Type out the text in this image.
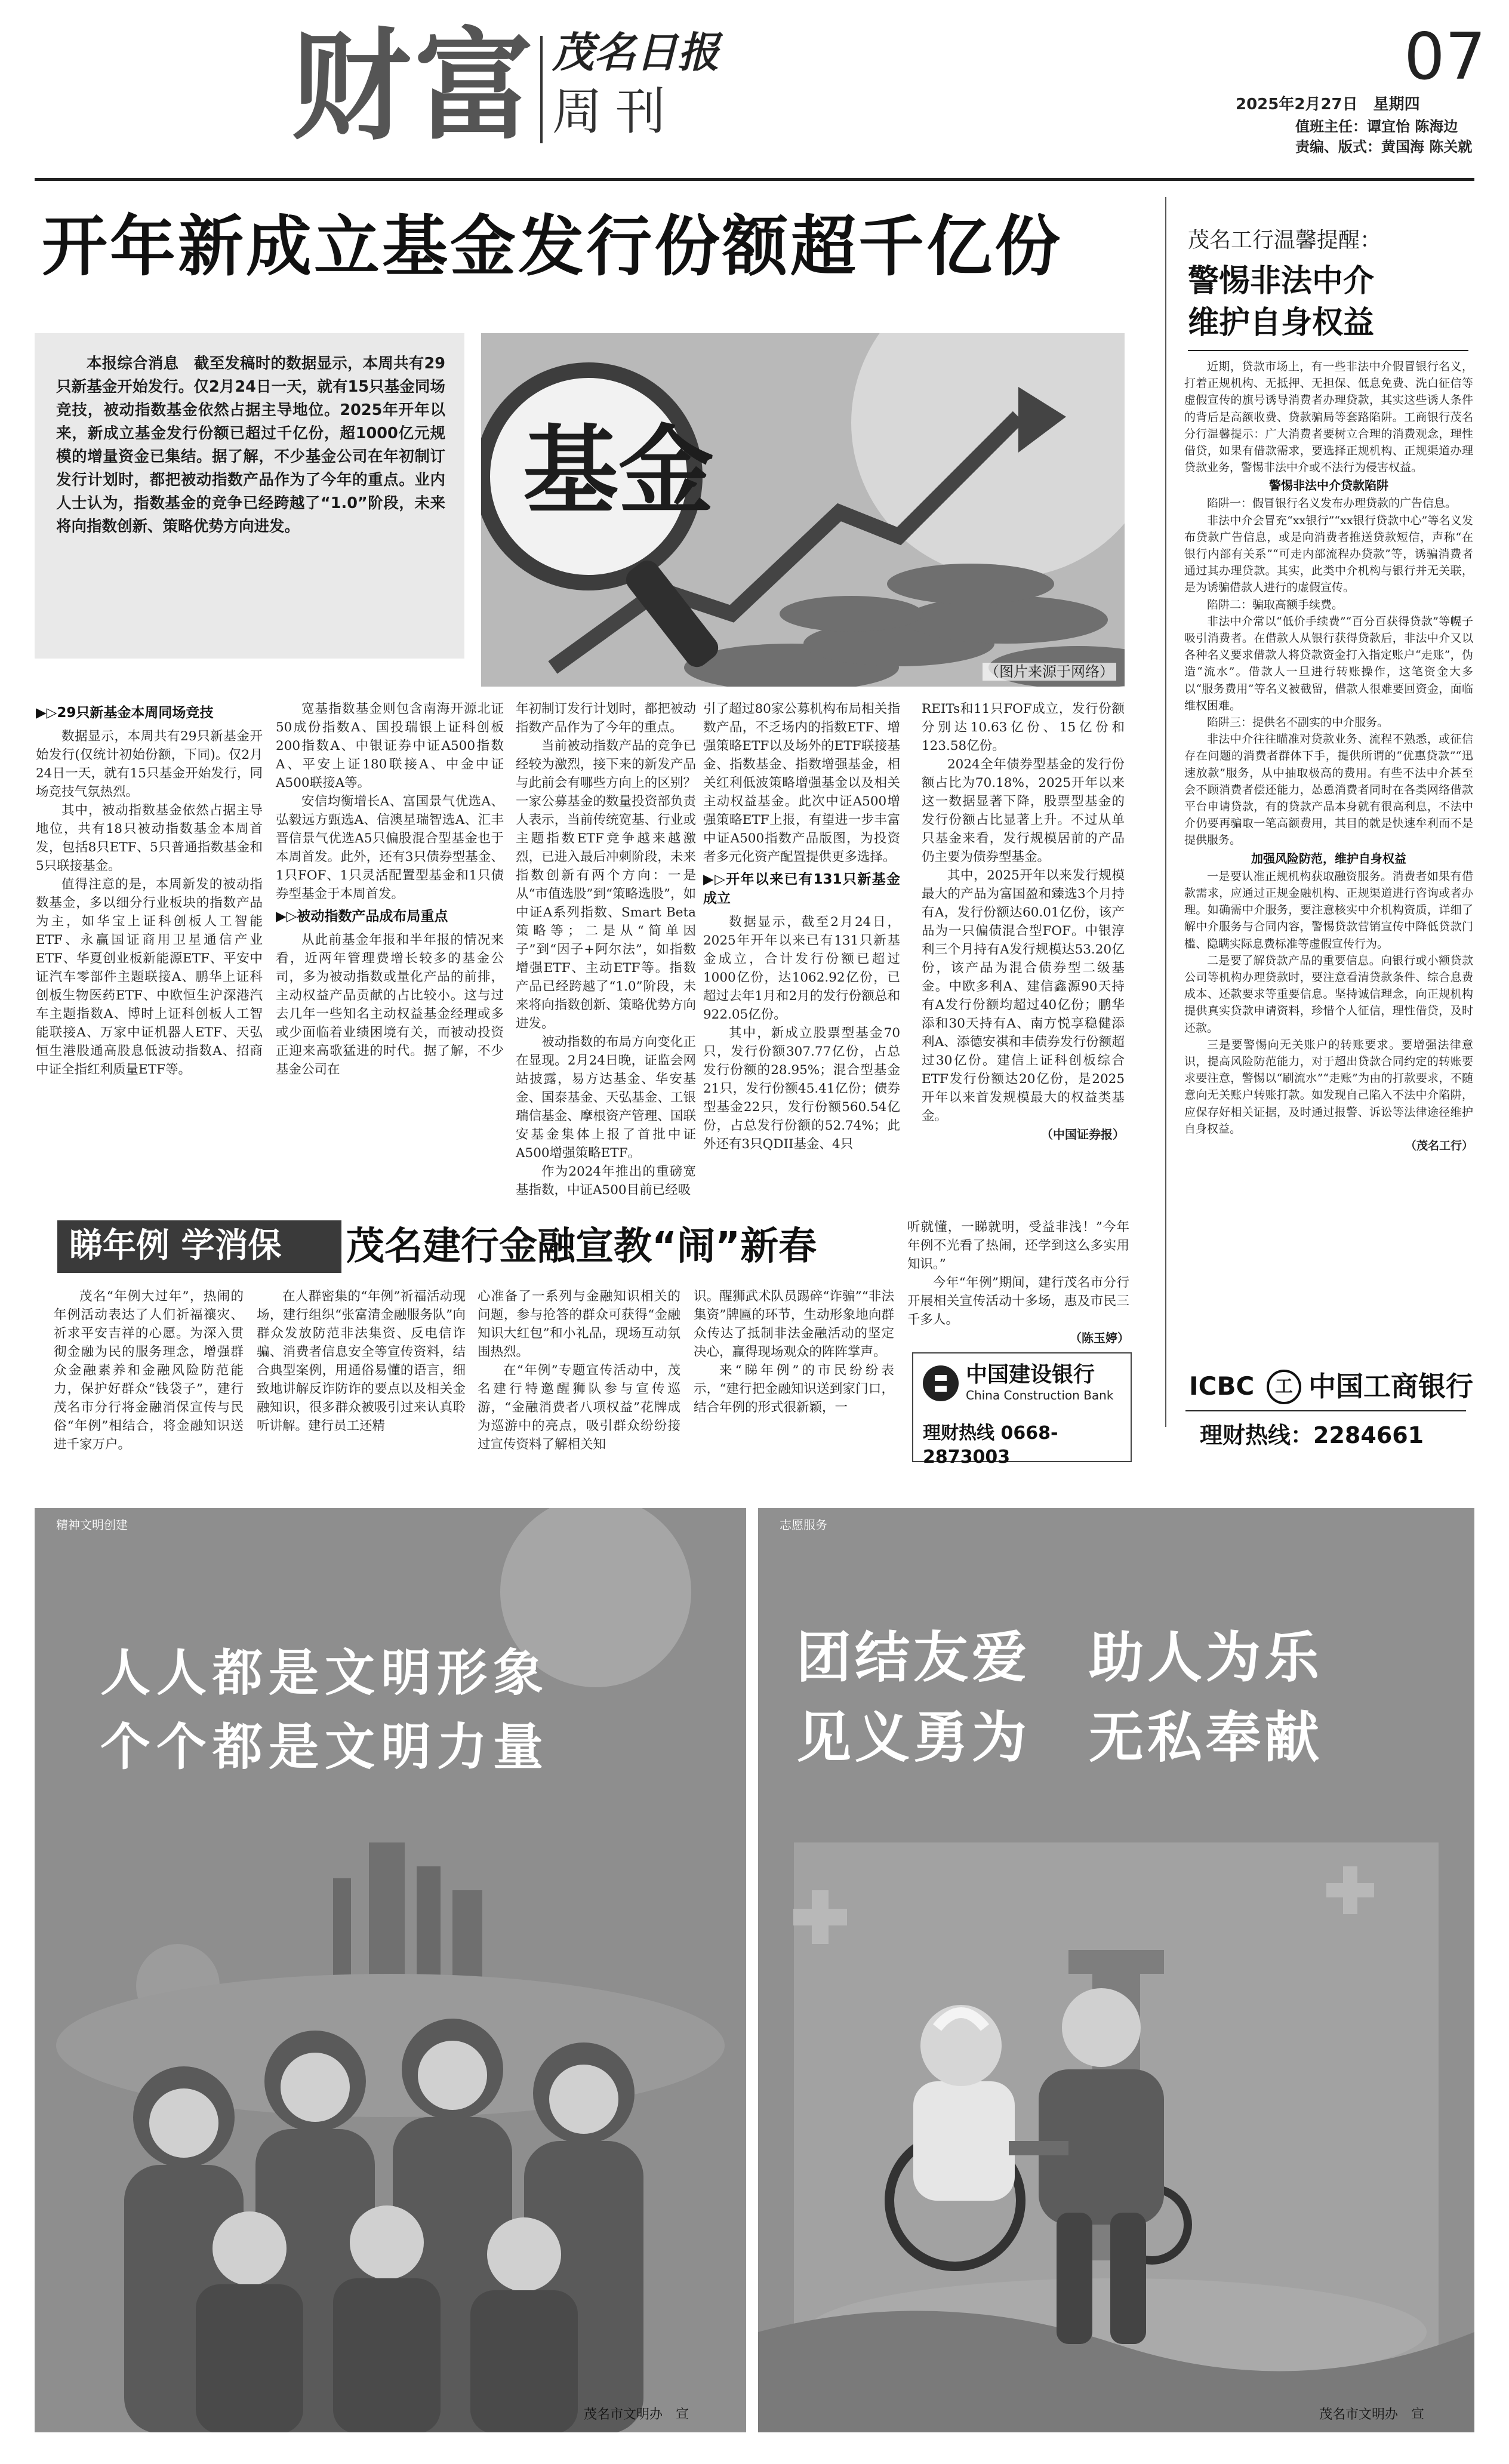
财富 茂名日报
周刊
07
2025年2月27日　星期四
值班主任：谭宜怡 陈海边
责编、版式：黄国海 陈关就
开年新成立基金发行份额超千亿份
本报综合消息　截至发稿时的数据显示，本周共有29只新基金开始发行。仅2月24日一天，就有15只基金同场竞技，被动指数基金依然占据主导地位。2025年开年以来，新成立基金发行份额已超过千亿份，超1000亿元规模的增量资金已集结。据了解，不少基金公司在年初制订发行计划时，都把被动指数产品作为了今年的重点。业内人士认为，指数基金的竞争已经跨越了“1.0”阶段，未来将向指数创新、策略优势方向进发。	基金
（图片来源于网络）
▶▷29只新基金本周同场竞技

数据显示，本周共有29只新基金开始发行(仅统计初始份额，下同)。仅2月24日一天，就有15只基金开始发行，同场竞技气氛热烈。

其中，被动指数基金依然占据主导地位，共有18只被动指数基金本周首发，包括8只ETF、5只普通指数基金和5只联接基金。

值得注意的是，本周新发的被动指数基金，多以细分行业板块的指数产品为主，如华宝上证科创板人工智能ETF、永赢国证商用卫星通信产业ETF、华夏创业板新能源ETF、平安中证汽车零部件主题联接A、鹏华上证科创板生物医药ETF、中欧恒生沪深港汽车主题指数A、博时上证科创板人工智能联接A、万家中证机器人ETF、天弘恒生港股通高股息低波动指数A、招商中证全指红利质量ETF等。

宽基指数基金则包含南海开源北证50成份指数A、国投瑞银上证科创板200指数A、中银证券中证A500指数A、平安上证180联接A、中金中证A500联接A等。

安信均衡增长A、富国景气优选A、弘毅远方甄选A、信澳星瑞智选A、汇丰晋信景气优选A5只偏股混合型基金也于本周首发。此外，还有3只债券型基金、1只FOF、1只灵活配置型基金和1只债券型基金于本周首发。

▶▷被动指数产品成布局重点

从此前基金年报和半年报的情况来看，近两年管理费增长较多的基金公司，多为被动指数或量化产品的前排，主动权益产品贡献的占比较小。这与过去几年一些知名主动权益基金经理或多或少面临着业绩困境有关，而被动投资正迎来高歌猛进的时代。据了解，不少基金公司在

年初制订发行计划时，都把被动指数产品作为了今年的重点。

当前被动指数产品的竞争已经较为激烈，接下来的新发产品与此前会有哪些方向上的区别？一家公募基金的数量投资部负责人表示，当前传统宽基、行业或主题指数ETF竞争越来越激烈，已进入最后冲刺阶段，未来指数创新有两个方向：一是从“市值选股”到“策略选股”，如中证A系列指数、Smart Beta策略等；二是从“简单因子”到“因子+阿尔法”，如指数增强ETF、主动ETF等。指数产品已经跨越了“1.0”阶段，未来将向指数创新、策略优势方向进发。

被动指数的布局方向变化正在显现。2月24日晚，证监会网站披露，易方达基金、华安基金、国泰基金、天弘基金、工银瑞信基金、摩根资产管理、国联安基金集体上报了首批中证A500增强策略ETF。

作为2024年推出的重磅宽基指数，中证A500目前已经吸

引了超过80家公募机构布局相关指数产品，不乏场内的指数ETF、增强策略ETF以及场外的ETF联接基金、指数基金、指数增强基金，相关红利低波策略增强基金以及相关主动权益基金。此次中证A500增强策略ETF上报，有望进一步丰富中证A500指数产品版图，为投资者多元化资产配置提供更多选择。

▶▷开年以来已有131只新基金成立

数据显示，截至2月24日，2025年开年以来已有131只新基金成立，合计发行份额已超过1000亿份，达1062.92亿份，已超过去年1月和2月的发行份额总和922.05亿份。

其中，新成立股票型基金70只，发行份额307.77亿份，占总发行份额的28.95%；混合型基金21只，发行份额45.41亿份；债券型基金22只，发行份额560.54亿份，占总发行份额的52.74%；此外还有3只QDII基金、4只

REITs和11只FOF成立，发行份额分别达10.63亿份、15亿份和123.58亿份。

2024全年债券型基金的发行份额占比为70.18%，2025开年以来这一数据显著下降，股票型基金的发行份额占比显著上升。不过从单只基金来看，发行规模居前的产品仍主要为债券型基金。

其中，2025开年以来发行规模最大的产品为富国盈和臻选3个月持有A，发行份额达60.01亿份，该产品为一只偏债混合型FOF。中银淳利三个月持有A发行规模达53.20亿份，该产品为混合债券型二级基金。中欧多利A、建信鑫源90天持有A发行份额均超过40亿份；鹏华添和30天持有A、南方悦享稳健添利A、添德安祺和丰债券发行份额超过30亿份。建信上证科创板综合ETF发行份额达20亿份，是2025开年以来首发规模最大的权益类基金。

（中国证券报）
茂名工行温馨提醒：
警惕非法中介
维护自身权益

近期，贷款市场上，有一些非法中介假冒银行名义，打着正规机构、无抵押、无担保、低息免费、洗白征信等虚假宣传的旗号诱导消费者办理贷款，其实这些诱人条件的背后是高额收费、贷款骗局等套路陷阱。工商银行茂名分行温馨提示：广大消费者要树立合理的消费观念，理性借贷，如果有借款需求，要选择正规机构、正规渠道办理贷款业务，警惕非法中介或不法行为侵害权益。

警惕非法中介贷款陷阱

陷阱一：假冒银行名义发布办理贷款的广告信息。

非法中介会冒充“xx银行”“xx银行贷款中心”等名义发布贷款广告信息，或是向消费者推送贷款短信，声称“在银行内部有关系”“可走内部流程办贷款”等，诱骗消费者通过其办理贷款。其实，此类中介机构与银行并无关联，是为诱骗借款人进行的虚假宣传。

陷阱二：骗取高额手续费。

非法中介常以“低价手续费”“百分百获得贷款”等幌子吸引消费者。在借款人从银行获得贷款后，非法中介又以各种名义要求借款人将贷款资金打入指定账户“走账”，伪造“流水”。借款人一旦进行转账操作，这笔资金大多以“服务费用”等名义被截留，借款人很难要回资金，面临维权困难。

陷阱三：提供名不副实的中介服务。

非法中介往往瞄准对贷款业务、流程不熟悉，或征信存在问题的消费者群体下手，提供所谓的“优惠贷款”“迅速放款”服务，从中抽取极高的费用。有些不法中介甚至会不顾消费者偿还能力，怂恿消费者同时在各类网络借款平台申请贷款，有的贷款产品本身就有很高利息，不法中介仍要再骗取一笔高额费用，其目的就是快速牟利而不是提供服务。

加强风险防范，维护自身权益

一是要认准正规机构获取融资服务。消费者如果有借款需求，应通过正规金融机构、正规渠道进行咨询或者办理。如确需中介服务，要注意核实中介机构资质，详细了解中介服务与合同内容，警惕贷款营销宣传中降低贷款门槛、隐瞒实际息费标准等虚假宣传行为。

二是要了解贷款产品的重要信息。向银行或小额贷款公司等机构办理贷款时，要注意看清贷款条件、综合息费成本、还款要求等重要信息。坚持诚信理念，向正规机构提供真实贷款申请资料，珍惜个人征信，理性借贷，及时还款。

三是要警惕向无关账户的转账要求。要增强法律意识，提高风险防范能力，对于超出贷款合同约定的转账要求要注意，警惕以“刷流水”“走账”为由的打款要求，不随意向无关账户转账打款。如发现自己陷入不法中介陷阱，应保存好相关证据，及时通过报警、诉讼等法律途径维护自身权益。

（茂名工行）
睇年例 学消保 茂名建行金融宣教“闹”新春

茂名“年例大过年”，热闹的年例活动表达了人们祈福禳灾、祈求平安吉祥的心愿。为深入贯彻金融为民的服务理念，增强群众金融素养和金融风险防范能力，保护好群众“钱袋子”，建行茂名市分行将金融消保宣传与民俗“年例”相结合，将金融知识送进千家万户。

在人群密集的“年例”祈福活动现场，建行组织“张富清金融服务队”向群众发放防范非法集资、反电信诈骗、消费者信息安全等宣传资料，结合典型案例，用通俗易懂的语言，细致地讲解反诈防诈的要点以及相关金融知识，很多群众被吸引过来认真聆听讲解。建行员工还精

心准备了一系列与金融知识相关的问题，参与抢答的群众可获得“金融知识大红包”和小礼品，现场互动氛围热烈。

在“年例”专题宣传活动中，茂名建行特邀醒狮队参与宣传巡游，“金融消费者八项权益”花牌成为巡游中的亮点，吸引群众纷纷接过宣传资料了解相关知

识。醒狮武术队员踢碎“诈骗”“非法集资”牌匾的环节，生动形象地向群众传达了抵制非法金融活动的坚定决心，赢得现场观众的阵阵掌声。

来“睇年例”的市民纷纷表示，“建行把金融知识送到家门口，结合年例的形式很新颖，一

听就懂，一睇就明，受益非浅！”今年年例不光看了热闹，还学到这么多实用知识。”

今年“年例”期间，建行茂名市分行开展相关宣传活动十多场，惠及市民三千多人。

（陈玉婷）
中国建设银行
China Construction Bank
理财热线 0668-2873003
ICBC	工 中国工商银行
理财热线：2284661
精神文明创建
人人都是文明形象
个个都是文明力量
茂名市文明办　宣
志愿服务
团结友爱　助人为乐
见义勇为　无私奉献
茂名市文明办　宣
